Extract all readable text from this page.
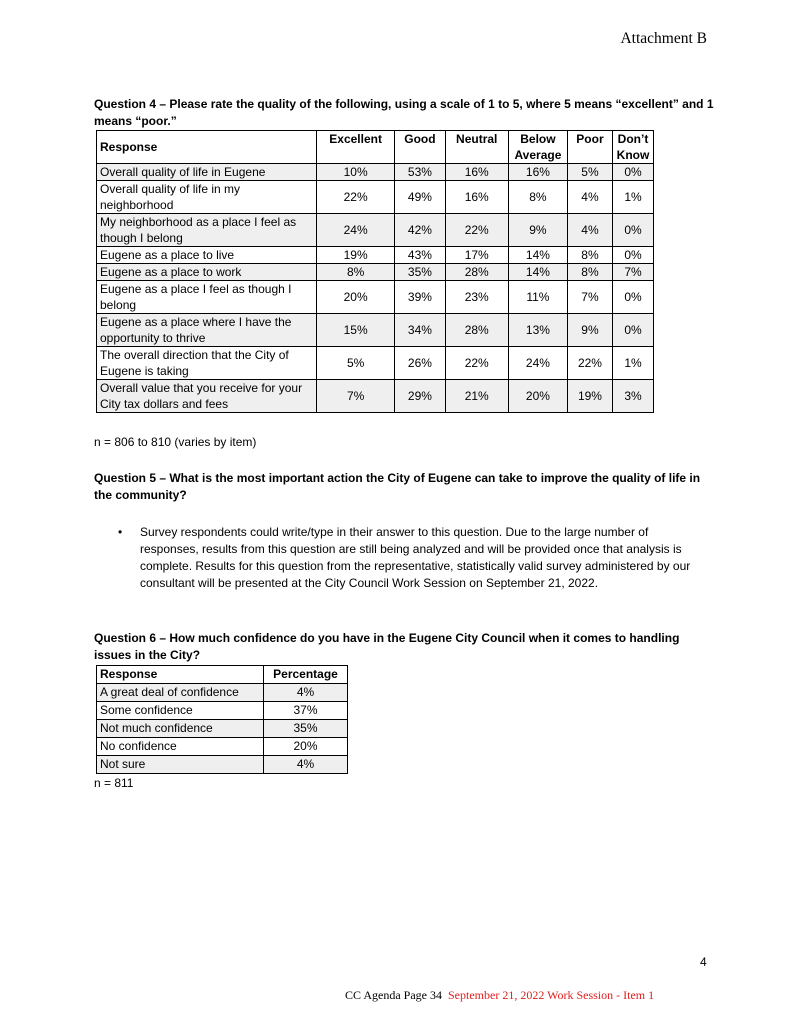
Attachment B
Question 4 – Please rate the quality of the following, using a scale of 1 to 5, where 5 means “excellent” and 1 means “poor.”
Response	Excellent	Good	Neutral	Below Average	Poor	Don’t Know
Overall quality of life in Eugene	10%	53%	16%	16%	5%	0%
Overall quality of life in my neighborhood	22%	49%	16%	8%	4%	1%
My neighborhood as a place I feel as though I belong	24%	42%	22%	9%	4%	0%
Eugene as a place to live	19%	43%	17%	14%	8%	0%
Eugene as a place to work	8%	35%	28%	14%	8%	7%
Eugene as a place I feel as though I belong	20%	39%	23%	11%	7%	0%
Eugene as a place where I have the opportunity to thrive	15%	34%	28%	13%	9%	0%
The overall direction that the City of Eugene is taking	5%	26%	22%	24%	22%	1%
Overall value that you receive for your City tax dollars and fees	7%	29%	21%	20%	19%	3%
n = 806 to 810 (varies by item)
Question 5 – What is the most important action the City of Eugene can take to improve the quality of life in the community?
• Survey respondents could write/type in their answer to this question. Due to the large number of responses, results from this question are still being analyzed and will be provided once that analysis is complete. Results for this question from the representative, statistically valid survey administered by our consultant will be presented at the City Council Work Session on September 21, 2022.
Question 6 – How much confidence do you have in the Eugene City Council when it comes to handling issues in the City?
Response	Percentage
A great deal of confidence	4%
Some confidence	37%
Not much confidence	35%
No confidence	20%
Not sure	4%
n = 811
4
CC Agenda Page 34 September 21, 2022 Work Session - Item 1
